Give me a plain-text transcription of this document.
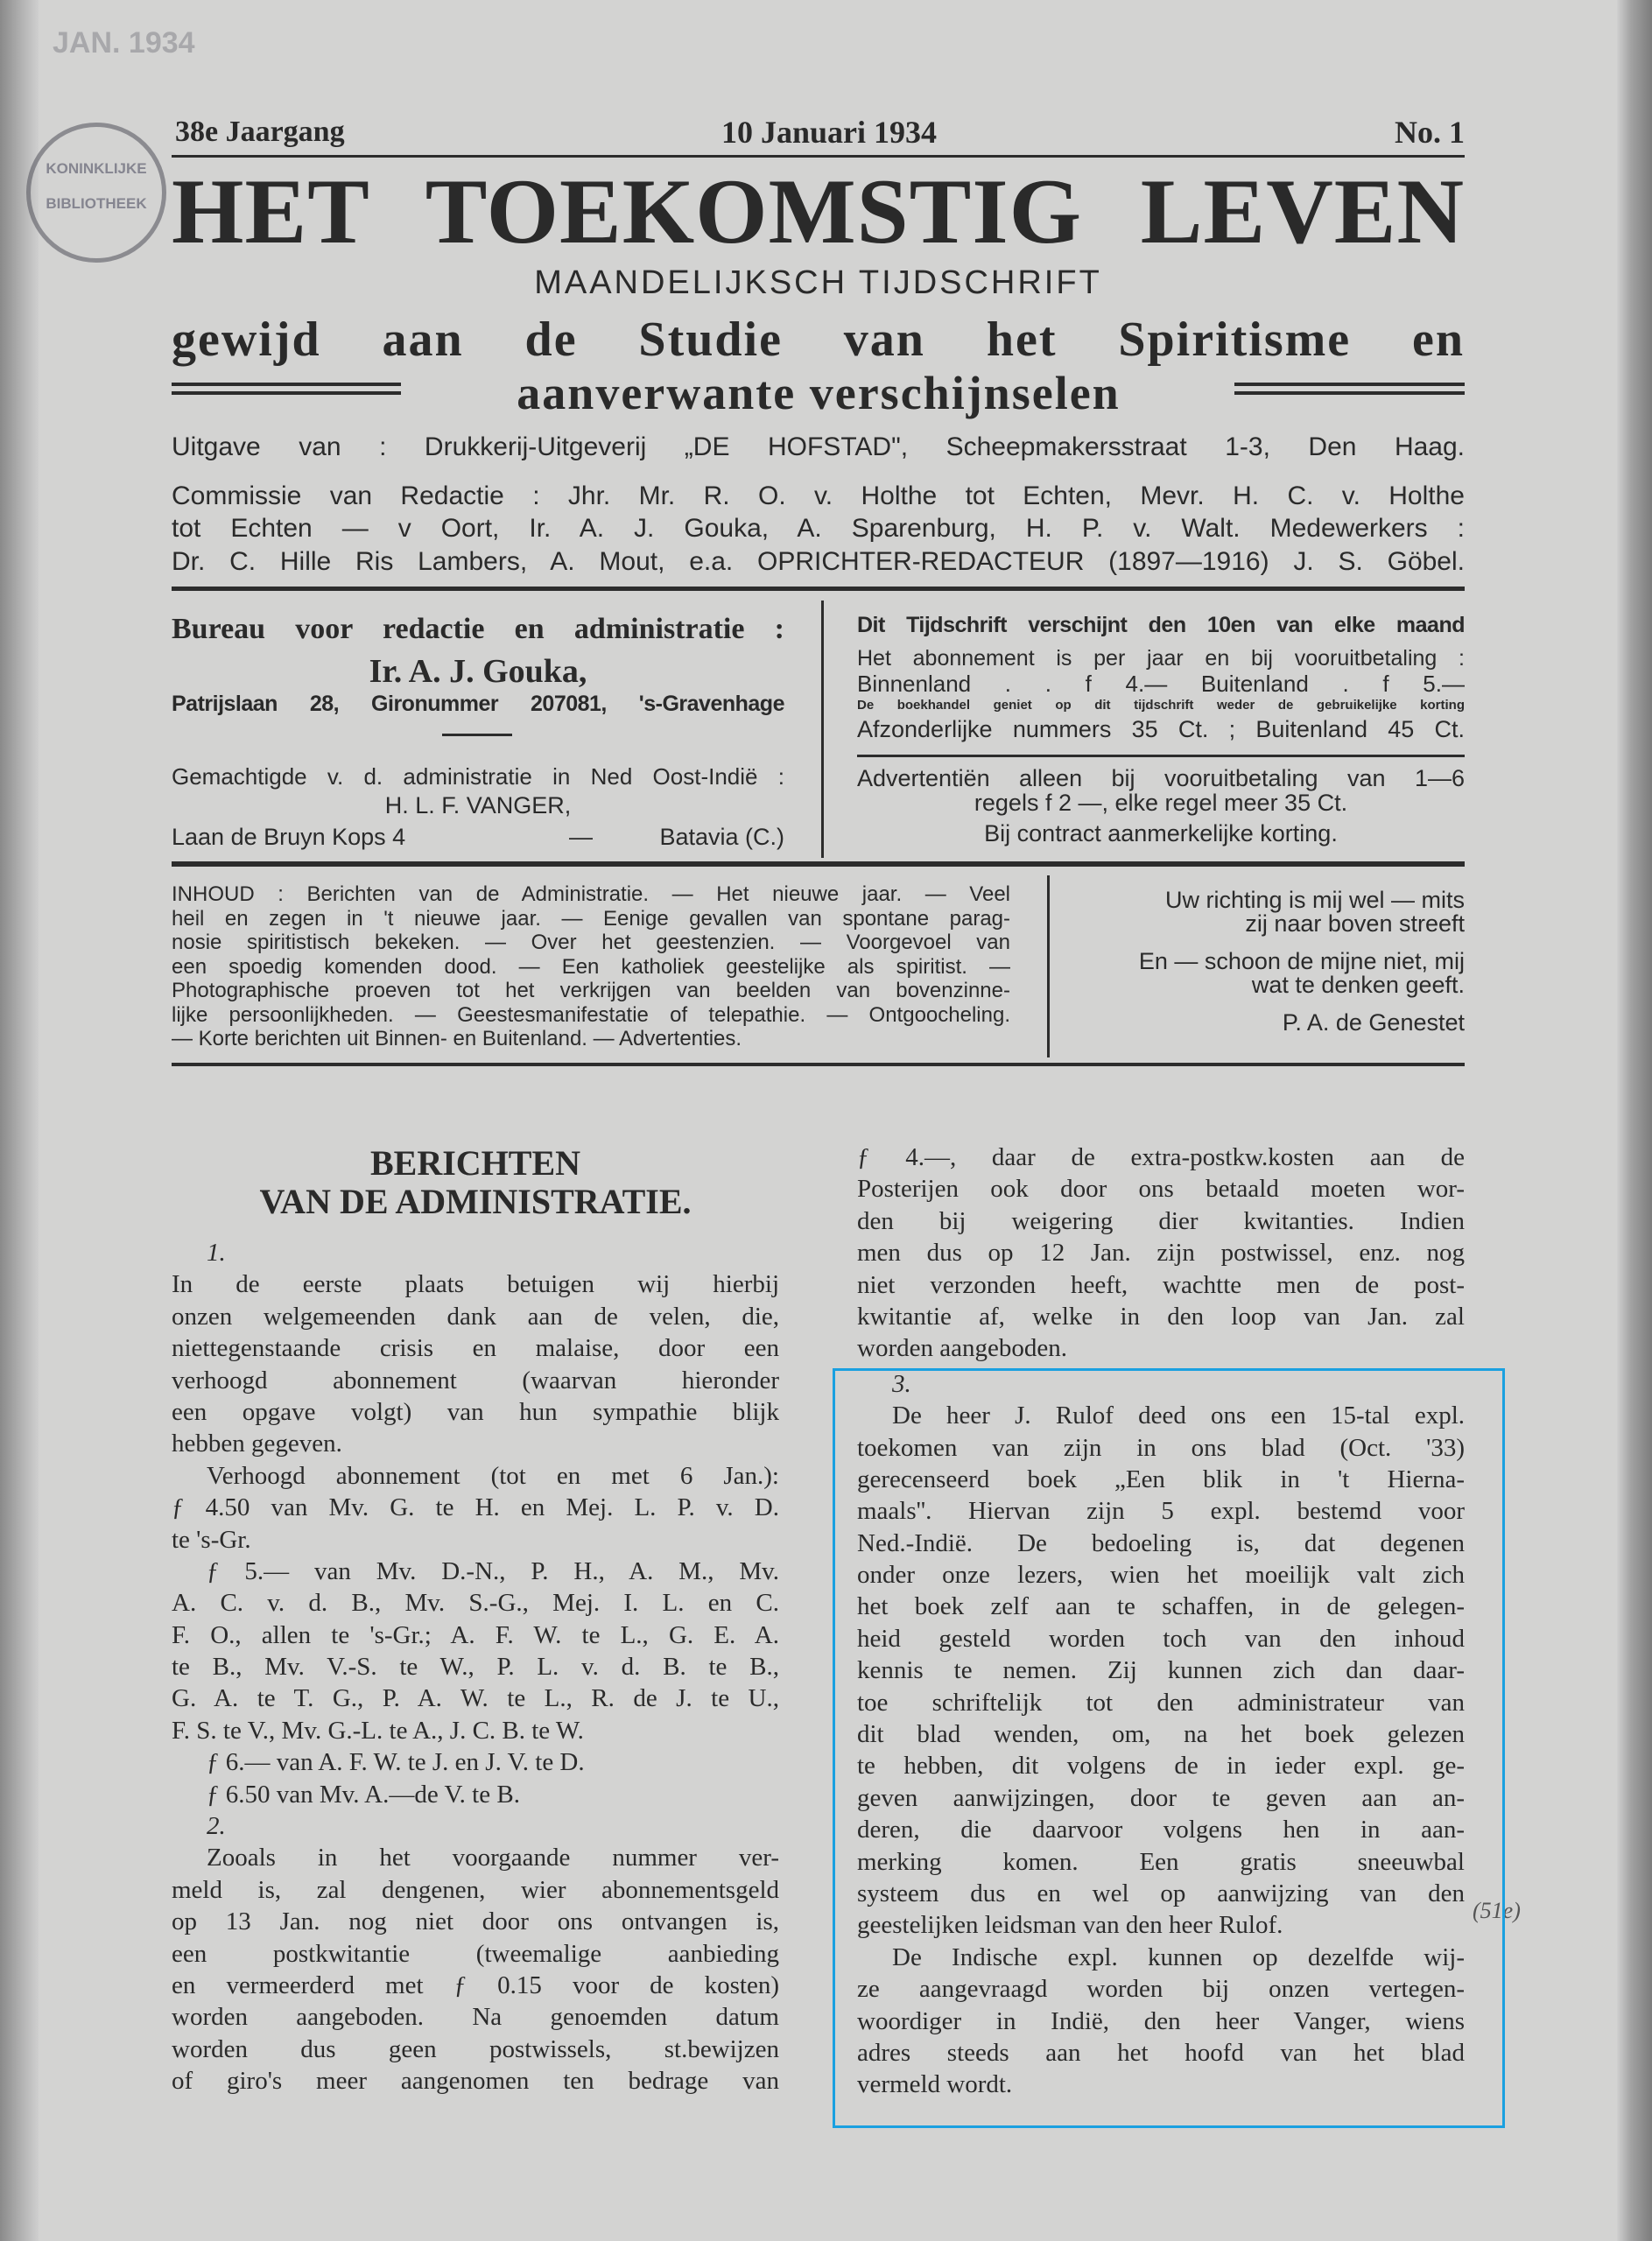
JAN. 1934
KONINKLIJKE BIBLIOTHEEK
38e Jaargang	10 Januari 1934	No. 1
HET TOEKOMSTIG LEVEN
MAANDELIJKSCH TIJDSCHRIFT
gewijd aan de Studie van het Spiritisme en
aanverwante verschijnselen
Uitgave van : Drukkerij-Uitgeverij „DE HOFSTAD", Scheepmakersstraat 1-3, Den Haag.
Commissie van Redactie : Jhr. Mr. R. O. v. Holthe tot Echten, Mevr. H. C. v. Holthe
tot Echten — v Oort, Ir. A. J. Gouka, A. Sparenburg, H. P. v. Walt. Medewerkers :
Dr. C. Hille Ris Lambers, A. Mout, e.a. OPRICHTER-REDACTEUR (1897—1916) J. S. Göbel.
Bureau voor redactie en administratie :
Ir. A. J. Gouka,
Patrijslaan 28, Gironummer 207081, 's-Gravenhage
Gemachtigde v. d. administratie in Ned Oost-Indië :
H. L. F. VANGER,
Laan de Bruyn Kops 4	—	Batavia (C.)
Dit Tijdschrift verschijnt den 10en van elke maand
Het abonnement is per jaar en bij vooruitbetaling :
Binnenland . . f 4.— Buitenland . f 5.—
De boekhandel geniet op dit tijdschrift weder de gebruikelijke korting
Afzonderlijke nummers 35 Ct. ; Buitenland 45 Ct.
Advertentiën alleen bij vooruitbetaling van 1—6
regels f 2 —, elke regel meer 35 Ct.
Bij contract aanmerkelijke korting.
INHOUD : Berichten van de Administratie. — Het nieuwe jaar. — Veel
heil en zegen in 't nieuwe jaar. — Eenige gevallen van spontane parag-
nosie spiritistisch bekeken. — Over het geestenzien. — Voorgevoel van
een spoedig komenden dood. — Een katholiek geestelijke als spiritist. —
Photographische proeven tot het verkrijgen van beelden van bovenzinne-
lijke persoonlijkheden. — Geestesmanifestatie of telepathie. — Ontgoocheling.
— Korte berichten uit Binnen- en Buitenland. — Advertenties.
Uw richting is mij wel — mits
zij naar boven streeft
En — schoon de mijne niet, mij
wat te denken geeft.
P. A. de Genestet
BERICHTEN
VAN DE ADMINISTRATIE.
1.
In de eerste plaats betuigen wij hierbij
onzen welgemeenden dank aan de velen, die,
niettegenstaande crisis en malaise, door een
verhoogd abonnement (waarvan hieronder
een opgave volgt) van hun sympathie blijk
hebben gegeven.
Verhoogd abonnement (tot en met 6 Jan.):
ƒ 4.50 van Mv. G. te H. en Mej. L. P. v. D.
te 's-Gr.
ƒ 5.— van Mv. D.-N., P. H., A. M., Mv.
A. C. v. d. B., Mv. S.-G., Mej. I. L. en C.
F. O., allen te 's-Gr.; A. F. W. te L., G. E. A.
te B., Mv. V.-S. te W., P. L. v. d. B. te B.,
G. A. te T. G., P. A. W. te L., R. de J. te U.,
F. S. te V., Mv. G.-L. te A., J. C. B. te W.
ƒ 6.— van A. F. W. te J. en J. V. te D.
ƒ 6.50 van Mv. A.—de V. te B.
2.
Zooals in het voorgaande nummer ver-
meld is, zal dengenen, wier abonnementsgeld
op 13 Jan. nog niet door ons ontvangen is,
een postkwitantie (tweemalige aanbieding
en vermeerderd met ƒ 0.15 voor de kosten)
worden aangeboden. Na genoemden datum
worden dus geen postwissels, st.bewijzen
of giro's meer aangenomen ten bedrage van
ƒ 4.—, daar de extra-postkw.kosten aan de
Posterijen ook door ons betaald moeten wor-
den bij weigering dier kwitanties. Indien
men dus op 12 Jan. zijn postwissel, enz. nog
niet verzonden heeft, wachtte men de post-
kwitantie af, welke in den loop van Jan. zal
worden aangeboden.
3.
De heer J. Rulof deed ons een 15-tal expl.
toekomen van zijn in ons blad (Oct. '33)
gerecenseerd boek „Een blik in 't Hierna-
maals''. Hiervan zijn 5 expl. bestemd voor
Ned.-Indië. De bedoeling is, dat degenen
onder onze lezers, wien het moeilijk valt zich
het boek zelf aan te schaffen, in de gelegen-
heid gesteld worden toch van den inhoud
kennis te nemen. Zij kunnen zich dan daar-
toe schriftelijk tot den administrateur van
dit blad wenden, om, na het boek gelezen
te hebben, dit volgens de in ieder expl. ge-
geven aanwijzingen, door te geven aan an-
deren, die daarvoor volgens hen in aan-
merking komen. Een gratis sneeuwbal
systeem dus en wel op aanwijzing van den
geestelijken leidsman van den heer Rulof.
De Indische expl. kunnen op dezelfde wij-
ze aangevraagd worden bij onzen vertegen-
woordiger in Indië, den heer Vanger, wiens
adres steeds aan het hoofd van het blad
vermeld wordt.
(51e)
